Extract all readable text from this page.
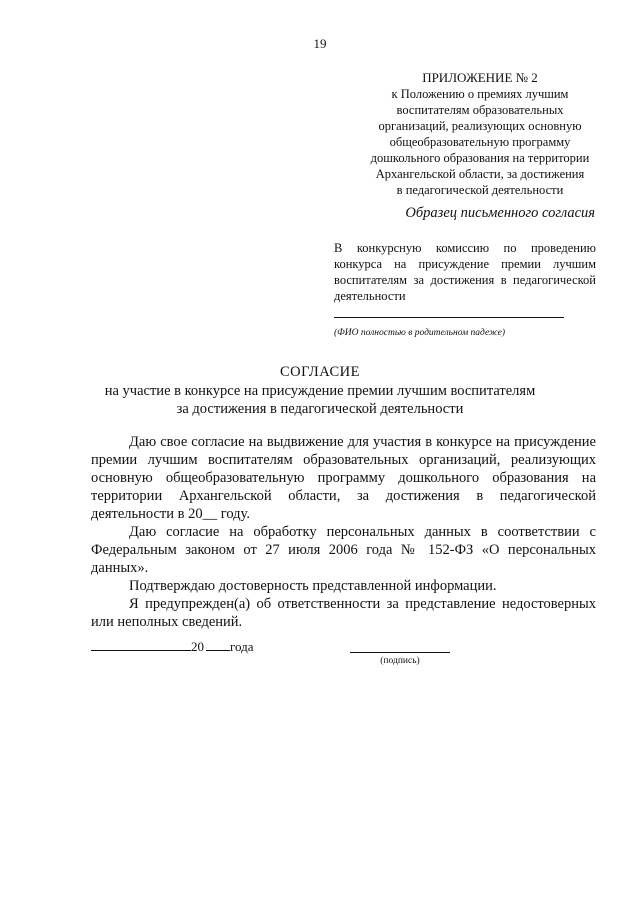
19
ПРИЛОЖЕНИЕ № 2
к Положению о премиях лучшим
воспитателям образовательных
организаций, реализующих основную
общеобразовательную программу
дошкольного образования на территории
Архангельской области, за достижения
в педагогической деятельности
Образец письменного согласия
В конкурсную комиссию по проведению конкурса на присуждение премии лучшим воспитателям за достижения в педагогической деятельности
(ФИО полностью в родительном падеже)
СОГЛАСИЕ
на участие в конкурсе на присуждение премии лучшим воспитателям
за достижения в педагогической деятельности

Даю свое согласие на выдвижение для участия в конкурсе на присуждение премии лучшим воспитателям образовательных организаций, реализующих основную общеобразовательную программу дошкольного образования на территории Архангельской области, за достижения в педагогической деятельности в 20__ году.

Даю согласие на обработку персональных данных в соответствии с Федеральным законом от 27 июля 2006 года № 152-ФЗ «О персональных данных».

Подтверждаю достоверность представленной информации.

Я предупрежден(а) об ответственности за представление недостоверных или неполных сведений.

20 года
(подпись)
